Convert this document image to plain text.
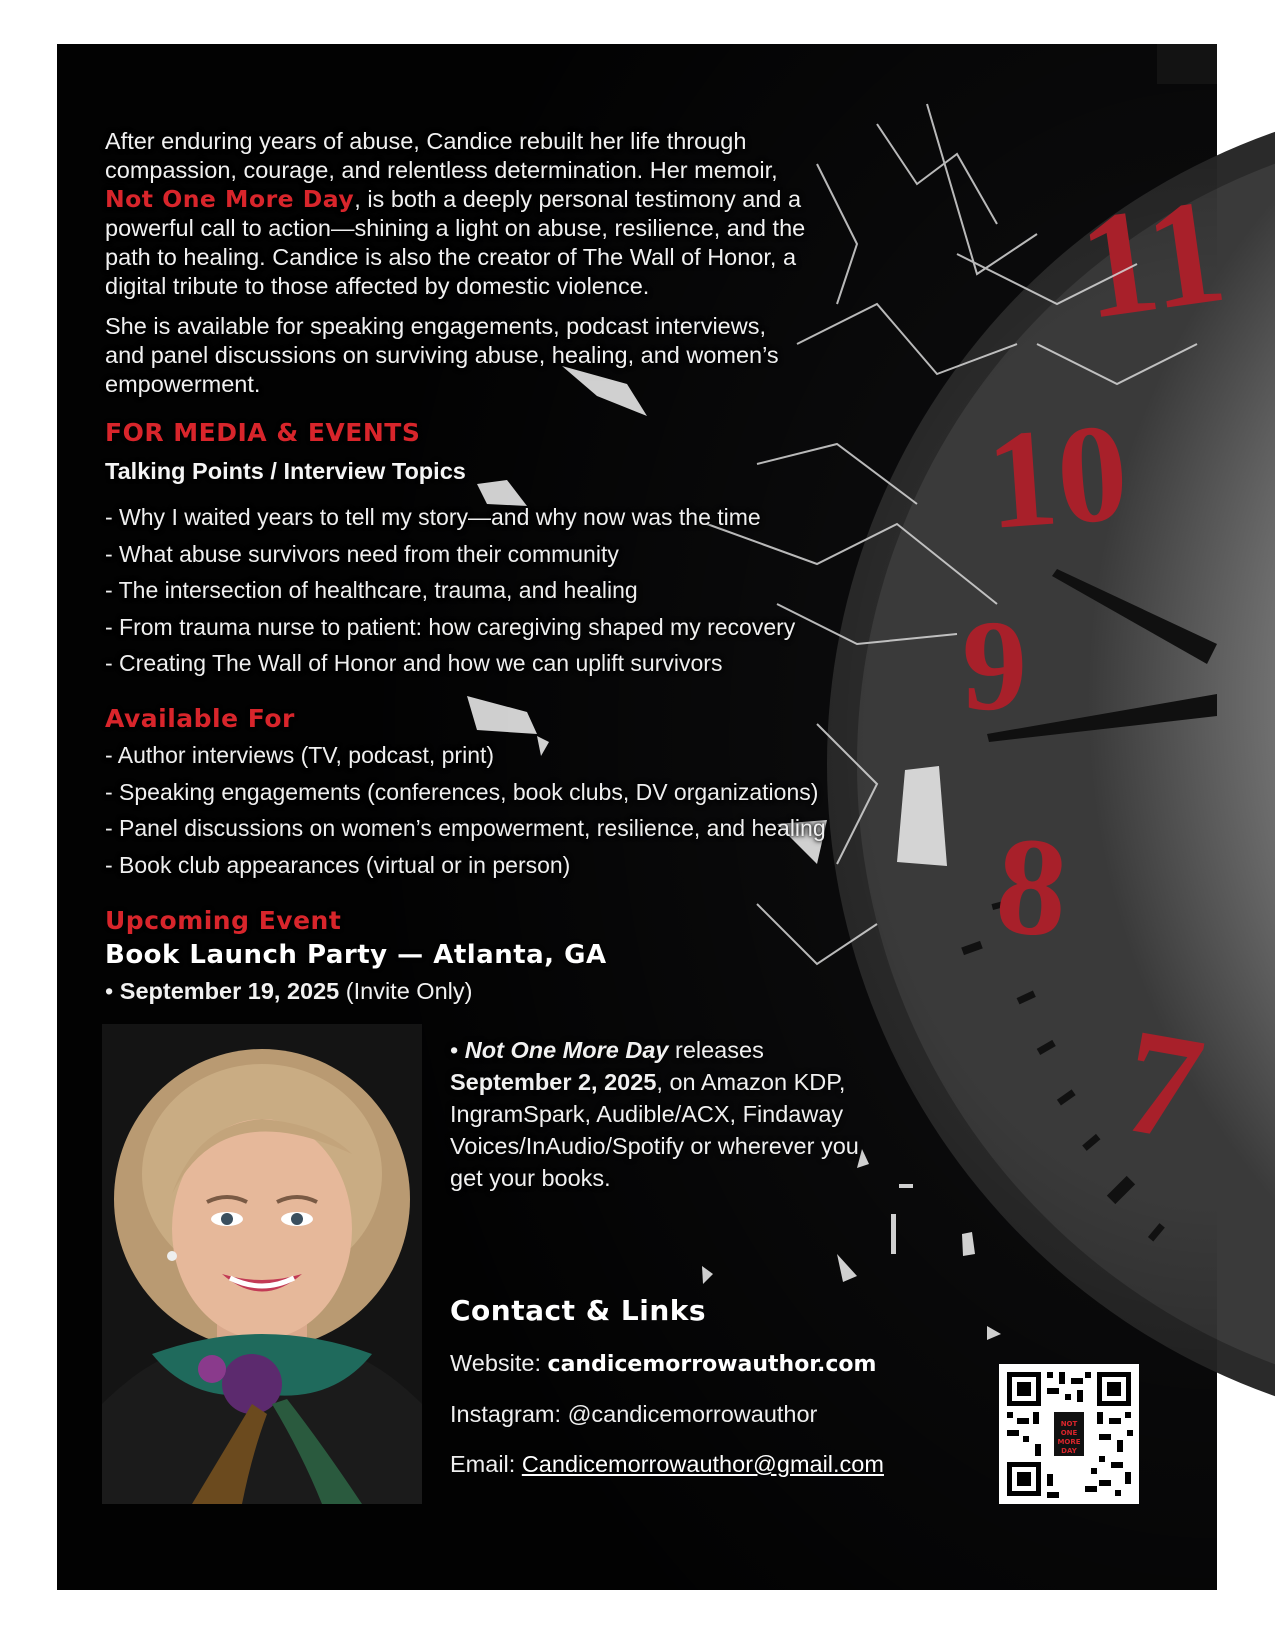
11
10
9
8
7

After enduring years of abuse, Candice rebuilt her life through compassion, courage, and relentless determination. Her memoir, Not One More Day, is both a deeply personal testimony and a powerful call to action—shining a light on abuse, resilience, and the path to healing. Candice is also the creator of The Wall of Honor, a digital tribute to those affected by domestic violence.

She is available for speaking engagements, podcast interviews, and panel discussions on surviving abuse, healing, and women’s empowerment.

FOR MEDIA & EVENTS
Talking Points / Interview Topics
- Why I waited years to tell my story—and why now was the time
- What abuse survivors need from their community
- The intersection of healthcare, trauma, and healing
- From trauma nurse to patient: how caregiving shaped my recovery
- Creating The Wall of Honor and how we can uplift survivors
Available For
- Author interviews (TV, podcast, print)
- Speaking engagements (conferences, book clubs, DV organizations)
- Panel discussions on women’s empowerment, resilience, and healing
- Book club appearances (virtual or in person)
Upcoming Event
Book Launch Party — Atlanta, GA
• September 19, 2025 (Invite Only)
• Not One More Day releases
September 2, 2025, on Amazon KDP, IngramSpark, Audible/ACX, Findaway Voices/InAudio/Spotify or wherever you get your books.
Contact & Links
Website: candicemorrowauthor.com
Instagram: @candicemorrowauthor
Email: Candicemorrowauthor@gmail.com
NOT
ONE
MORE
DAY
